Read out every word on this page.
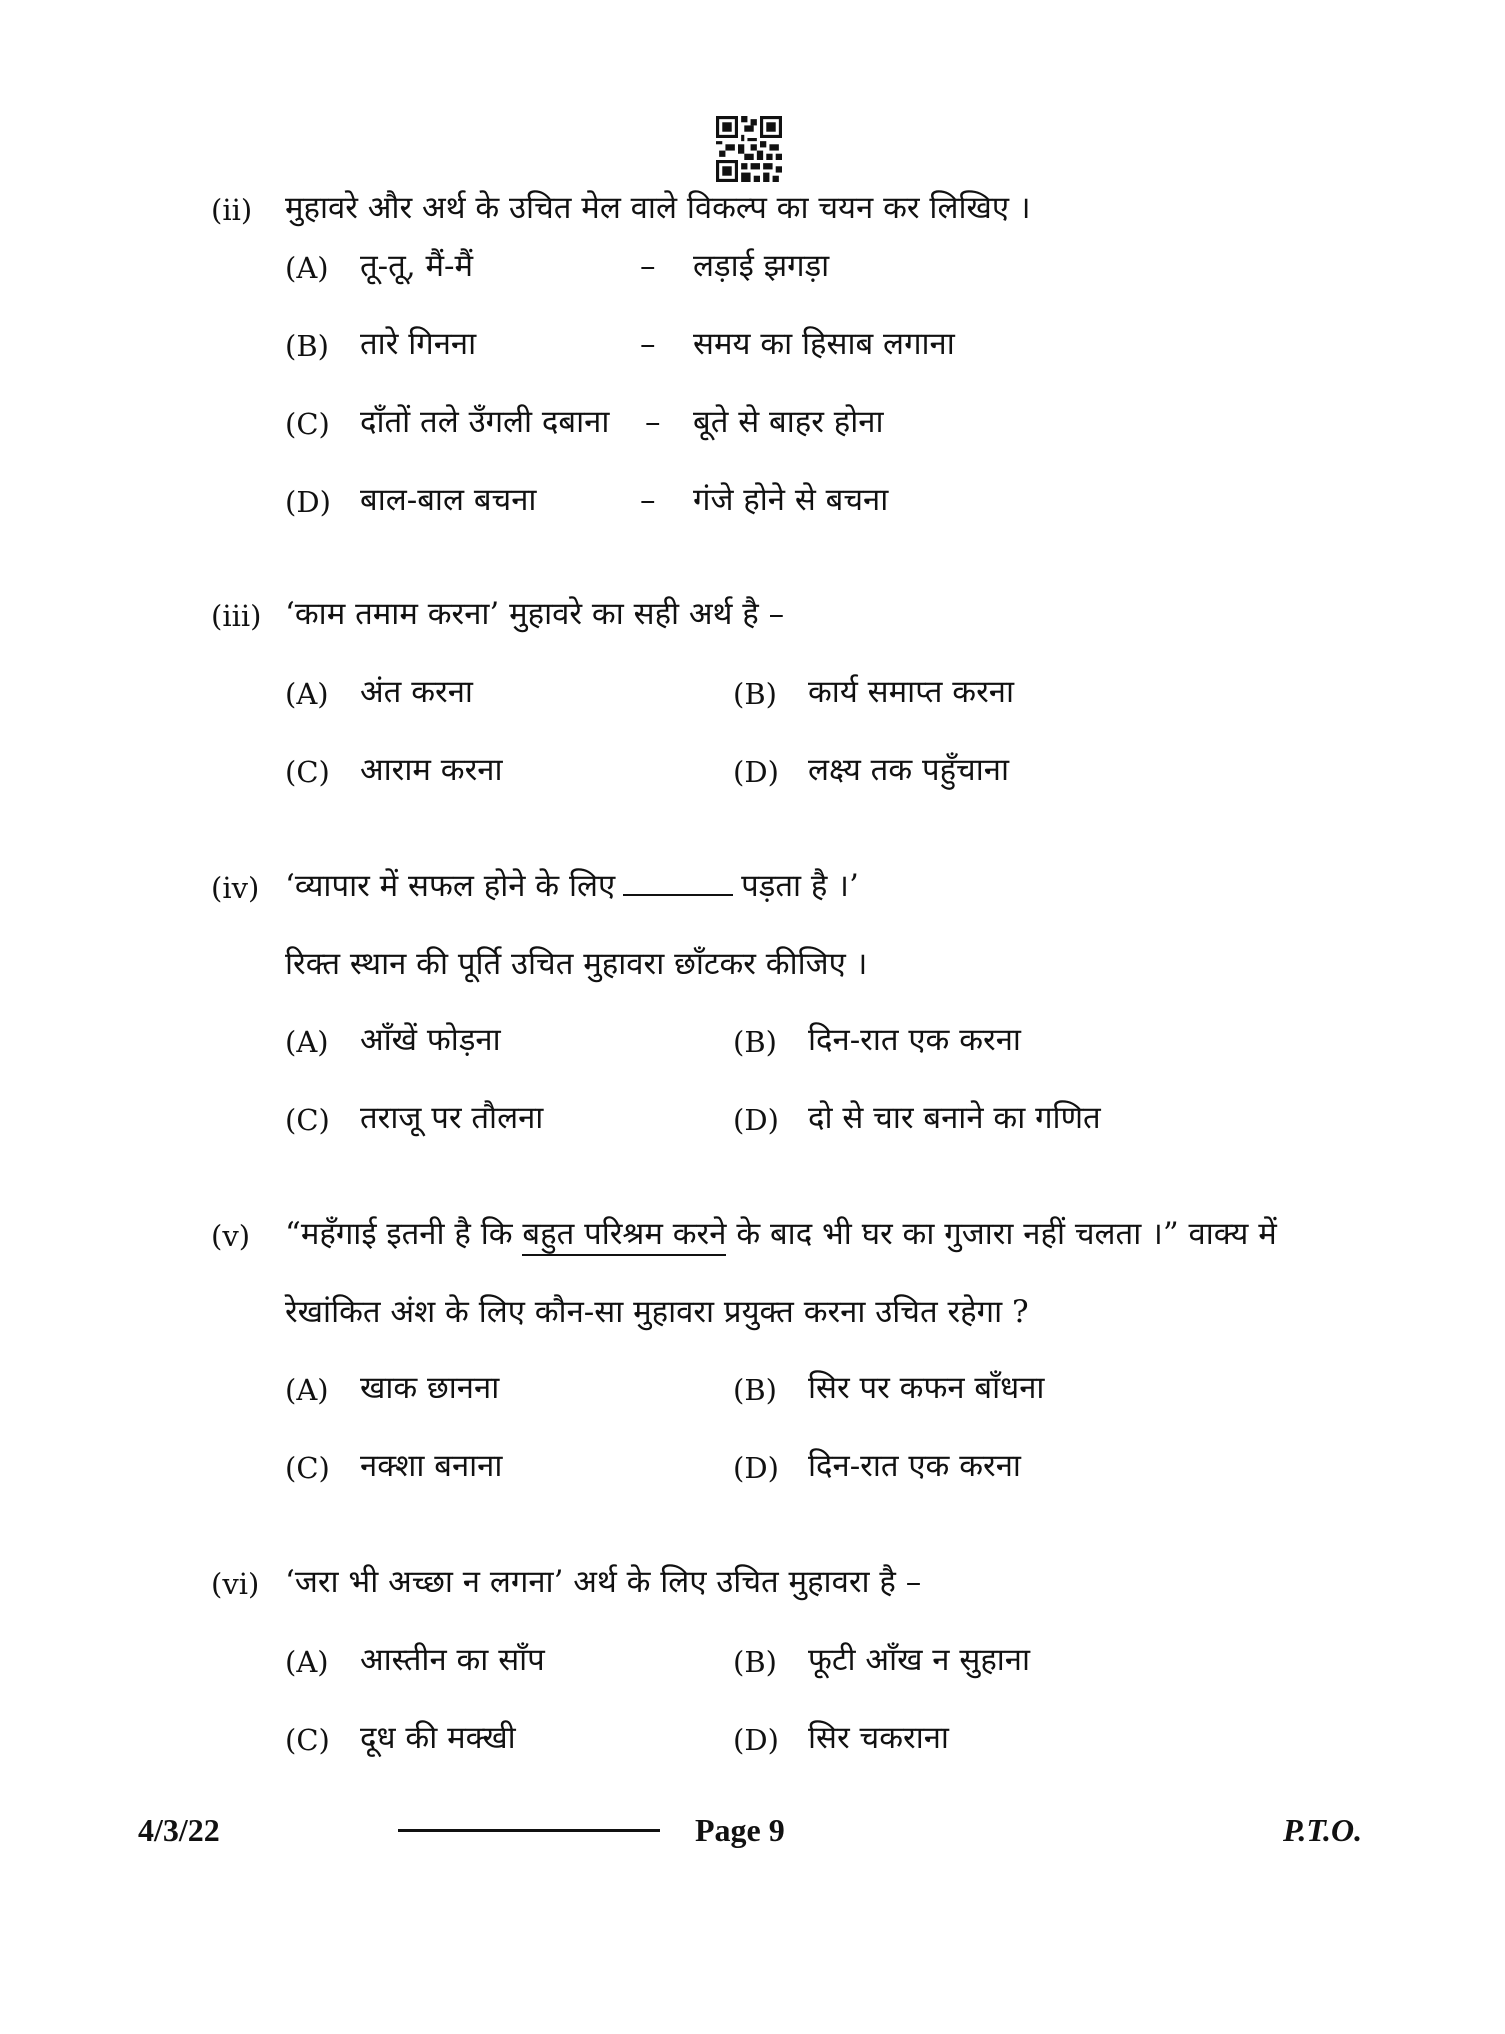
(ii) मुहावरे और अर्थ के उचित मेल वाले विकल्प का चयन कर लिखिए ।
(A) तू-तू, मैं-मैं	– लड़ाई झगड़ा
(B) तारे गिनना	– समय का हिसाब लगाना
(C) दाँतों तले उँगली दबाना – बूते से बाहर होना
(D) बाल-बाल बचना	– गंजे होने से बचना
(iii) ‘काम तमाम करना’ मुहावरे का सही अर्थ है –
(A) अंत करना	(B) कार्य समाप्त करना
(C) आराम करना	(D) लक्ष्य तक पहुँचाना
(iv) ‘व्यापार में सफल होने के लिए	पड़ता है ।’
रिक्त स्थान की पूर्ति उचित मुहावरा छाँटकर कीजिए ।
(A) आँखें फोड़ना	(B) दिन-रात एक करना
(C) तराजू पर तौलना	(D) दो से चार बनाने का गणित
(v) “महँगाई इतनी है कि बहुत परिश्रम करने के बाद भी घर का गुजारा नहीं चलता ।” वाक्य में
रेखांकित अंश के लिए कौन-सा मुहावरा प्रयुक्त करना उचित रहेगा ?
(A) खाक छानना	(B) सिर पर कफन बाँधना
(C) नक्शा बनाना	(D) दिन-रात एक करना
(vi) ‘जरा भी अच्छा न लगना’ अर्थ के लिए उचित मुहावरा है –
(A) आस्तीन का साँप	(B) फूटी आँख न सुहाना
(C) दूध की मक्खी	(D) सिर चकराना
4/3/22	Page 9	P.T.O.
